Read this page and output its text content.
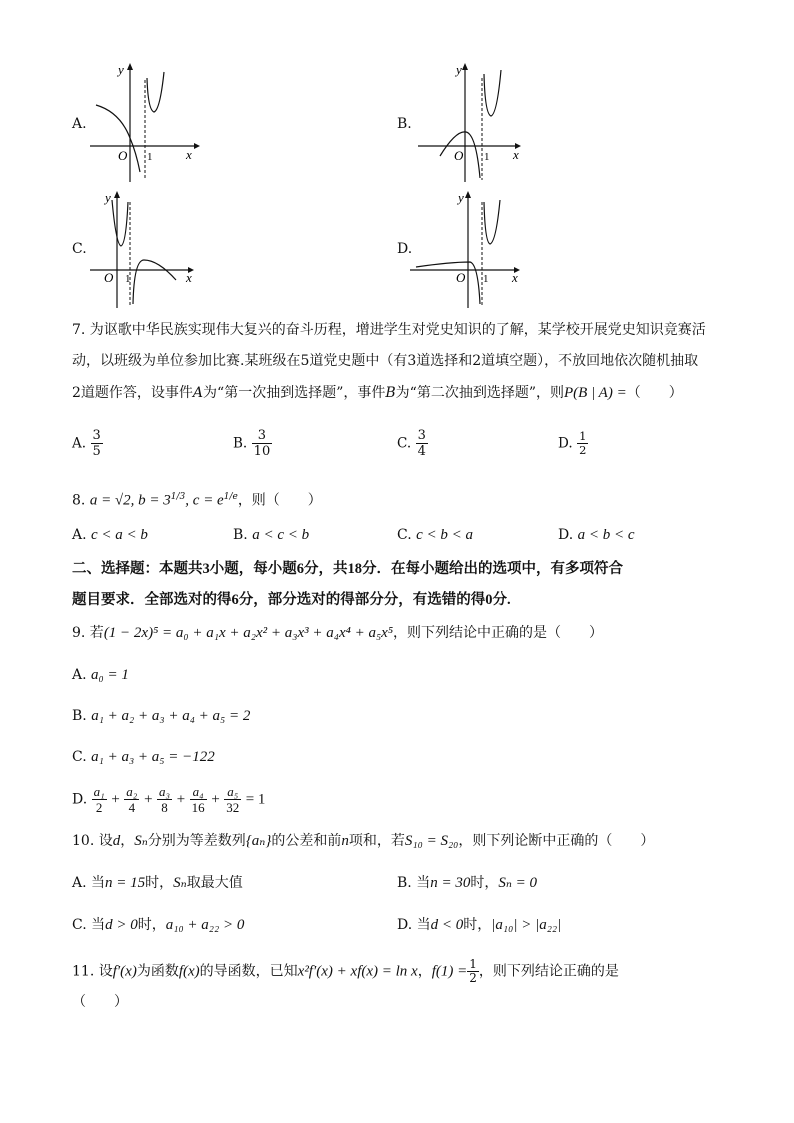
A.
y
x
O 1
B.
y
x
O 1
C.
y
x
O 1
D.
y
x
O 1
7. 为讴歌中华民族实现伟大复兴的奋斗历程，增进学生对党史知识的了解，某学校开展党史知识竞赛活
动，以班级为单位参加比赛.某班级在5道党史题中（有3道选择和2道填空题），不放回地依次随机抽取
2道题作答，设事件A为“第一次抽到选择题”，事件B为“第二次抽到选择题”，则P(B | A) =（　　）
A. $\frac{3}{5}$	B. $\frac{3}{10}$	C. $\frac{3}{4}$	D. $\frac{1}{2}$
8. a = √2, $b = 3^{1/3}$, $c = e^{1/e}$，则（　　）
A. c < a < b	B. a < c < b	C. c < b < a	D. a < b < c
二、选择题：本题共3小题，每小题6分，共18分．在每小题给出的选项中，有多项符合
题目要求．全部选对的得6分，部分选对的得部分分，有选错的得0分.
9. 若(1 − 2x)⁵ = a₀ + a₁x + a₂x² + a₃x³ + a₄x⁴ + a₅x⁵，则下列结论中正确的是（　　）
A. a₀ = 1
B. a₁ + a₂ + a₃ + a₄ + a₅ = 2
C. a₁ + a₃ + a₅ = −122
D. $\frac{\text{a₁}}{2} + \frac{\text{a₂}}{4} + \frac{\text{a₃}}{8} + \frac{\text{a₄}}{16} + \frac{\text{a₅}}{32} = 1$
10. 设d，Sₙ分别为等差数列{aₙ}的公差和前n项和，若S₁₀ = S₂₀，则下列论断中正确的（　　）
A. 当n = 15时，Sₙ取最大值	B. 当n = 30时，Sₙ = 0
C. 当d > 0时，a₁₀ + a₂₂ > 0	D. 当d < 0时，|a₁₀| > |a₂₂|
11. 设f′(x)为函数f(x)的导函数，已知x²f′(x) + xf(x) = ln x，$f(1) = \frac{1}{2}$ ，则下列结论正确的是
（　　）
